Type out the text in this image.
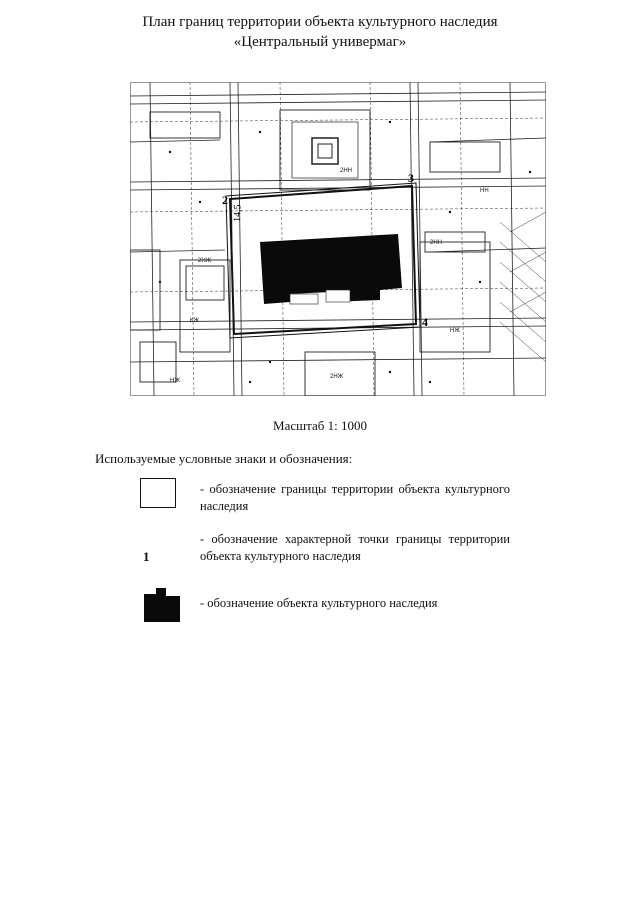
План границ территории объекта культурного наследия
«Центральный универмаг»
2
3
4
14,5
2НЖ
2НН
2НЖ
КЖ
2НН
НЖ
НЖ
НН
Масштаб 1: 1000
Используемые условные знаки и обозначения:
- обозначение границы территории объекта культурного наследия
1
- обозначение характерной точки границы территории объекта культурного наследия
- обозначение объекта культурного наследия
